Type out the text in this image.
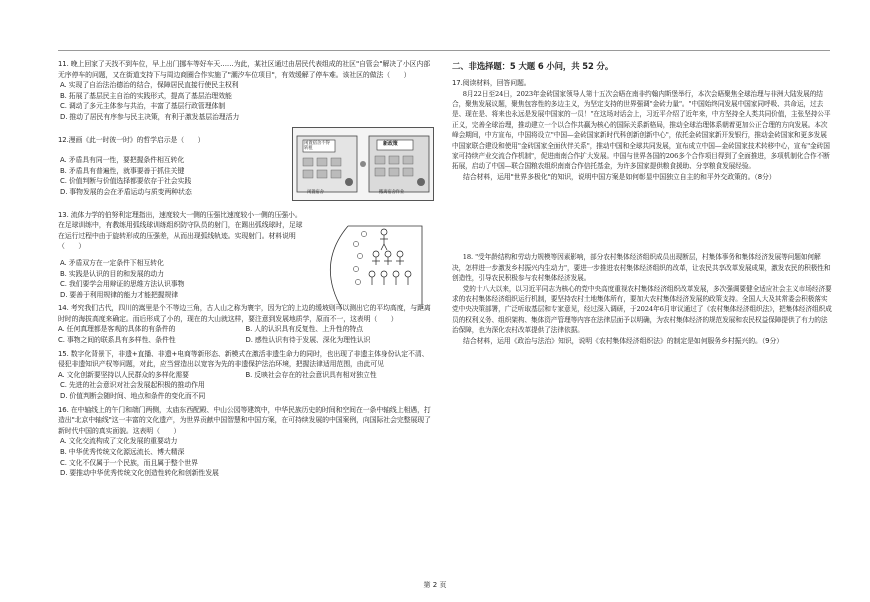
11. 晚上回家了天找不到车位，早上出门挪车等好车天……为此，某社区通过由居民代表组成的社区"自管会"解决了小区内部无序停车的问题，又在街道支持下与周边商圈合作实施了"潮汐车位项目"，有效缓解了停车难。该社区的做法（　　）

A. 实现了自治法治德治的结合，保障居民直接行使民主权利

B. 拓展了基层民主自治的实践形式，提高了基层治理效能

C. 调动了多元主体参与共治，丰富了基层行政管理体制

D. 推动了居民有序参与民主决策，有利于激发基层治理活力

12.漫画《此一时彼一时》的哲学启示是（　　）

A. 矛盾具有同一性，要把握条件相互转化

B. 矛盾具有普遍性，就事要善于抓住关键

C. 价值判断与价值选择都要依存于社会实践

D. 事物发展的会在矛盾运动与质变两种状态

闲置宿舍不得转租
新政策
闲置宿舍	搬离宿舍作业

13. 流体力学的伯努利定理指出，速度较大一侧的压强比速度较小一侧的压强小。在足球训练中，有教练用弧线球训练组织防守队员的射门，在踢出弧线球时，足球在运行过程中由于旋转形成的压强差，从而出现弧线轨迹。实现射门。材料说明（　　）

A. 矛盾双方在一定条件下相互转化

B. 实践是认识的目的和发展的动力

C. 我们要学会用辩证的思维方法认识事物

D. 要善于利用规律的能力才能把握规律

14. 考究我们古代，四川的嵩里是个不等边三角，古人山之称为寰宇，因为它的上边的缓坡则可以测出它的平均高度，与距离时时的海拔高度来确定。而后形成了小的，现在的大山就这样，要注意到发展地质学，原而不一，这表明（　　）

A. 任何真理都是客观的具体的有条件的	B. 人的认识具有反复性、上升性的特点
C. 事物之间的联系具有多样性、条件性	D. 感性认识有待于发展、深化为理性认识

15. 数字化背景下，非遗+直播、非遗+电商等新形态、新模式在激活非遗生命力的同时，也出现了非遗主体身份认定不清、侵犯非遗知识产权等问题，对此，应当营造出以宽容为先的非遗保护法治环境，把握法律适用范围，由此可见

A. 文化创新要坚持以人民群众的多样化需要	B. 反映社会存在的社会意识具有相对独立性

C. 先进的社会意识对社会发展起积极的推动作用

D. 价值判断会随时间、地点和条件的变化而不同

16. 在中轴线上的午门和端门两侧，太庙东西配殿、中山公园等建筑中，中华民族历史的时间和空间在一条中轴线上相遇，打造出"北京中轴线"这一丰富的文化遗产，为世界贡献中国智慧和中国方案，在可持续发展的中国案例，向国际社会完整展现了新时代中国的真实面貌。这表明（　　）

A. 文化交流构成了文化发展的重要动力

B. 中华优秀传统文化源远流长、博大精深

C. 文化不仅属于一个民族，而且属于整个世界

D. 要推动中华优秀传统文化创造性转化和创新性发展

二、非选择题：5 大题 6 小问，共 52 分。

17.阅读材料，回答问题。

8月22日至24日，2023年金砖国家领导人第十五次会晤在南非约翰内斯堡举行，本次会晤聚焦全球治理与非洲大陆发展的结合，聚焦发展议题，聚焦包容性的多边主义，为坚定支持的世界强调"金砖力量"。"中国始终同发展中国家同呼吸、共命运，过去是、现在是、将来也永远是发展中国家的一员！"在这场对话会上，习近平介绍了近年来，中方坚持全人类共同价值，主张坚持公平正义，完善全球治理，推动建立一个以合作共赢为核心的国际关系新格局，推动全球治理体系朝着更加公正合理的方向发展。本次峰会期间，中方宣布，中国将设立"中国—金砖国家新时代科创新创新中心"，依托金砖国家新开发银行，推动金砖国家和更多发展中国家联合建设和使用"金砖国家全面伙伴关系"，推动中国和全球共同发展，宣布成立中国—金砖国家技术转移中心，宣布"金砖国家可持续产业交流合作机制"，促进南南合作扩大发展。中国与世界各国的206多个合作项目得到了全面推进，多项机制化合作不断拓展，启动了中国—联合国粮农组织南南合作信托基金，为许多国家提供粮食援助、分享粮食发展经验。

结合材料，运用"世界多极化"的知识，说明中国方案是如何彰显中国独立自主的和平外交政策的。（8分）

18. "受年龄结构和劳动力规模等因素影响，部分农村集体经济组织成员出现断层，村集体事务和集体经济发展等问题如何解决，怎样进一步激发乡村振兴内生动力"，要进一步推进农村集体经济组织的改革，让农民共享改革发展成果，激发农民的积极性和创造性，引导农民积极参与农村集体经济发展。

党的十八大以来，以习近平同志为核心的党中央高度重视农村集体经济组织改革发展，多次强调要健全适应社会主义市场经济要求的农村集体经济组织运行机制，要坚持农村土地集体所有，要加大农村集体经济发展的政策支持。全国人大及其常委会积极落实党中央决策部署，广泛听取基层和专家意见，经过深入调研，于2024年6月审议通过了《农村集体经济组织法》，把集体经济组织成员的权利义务、组织架构、集体资产管理等内容在法律层面予以明确，为农村集体经济的规范发展和农民权益保障提供了有力的法治保障，也为深化农村改革提供了法律依据。

结合材料，运用《政治与法治》知识，说明《农村集体经济组织法》的制定是如何服务乡村振兴的。（9分）

第 2 页
